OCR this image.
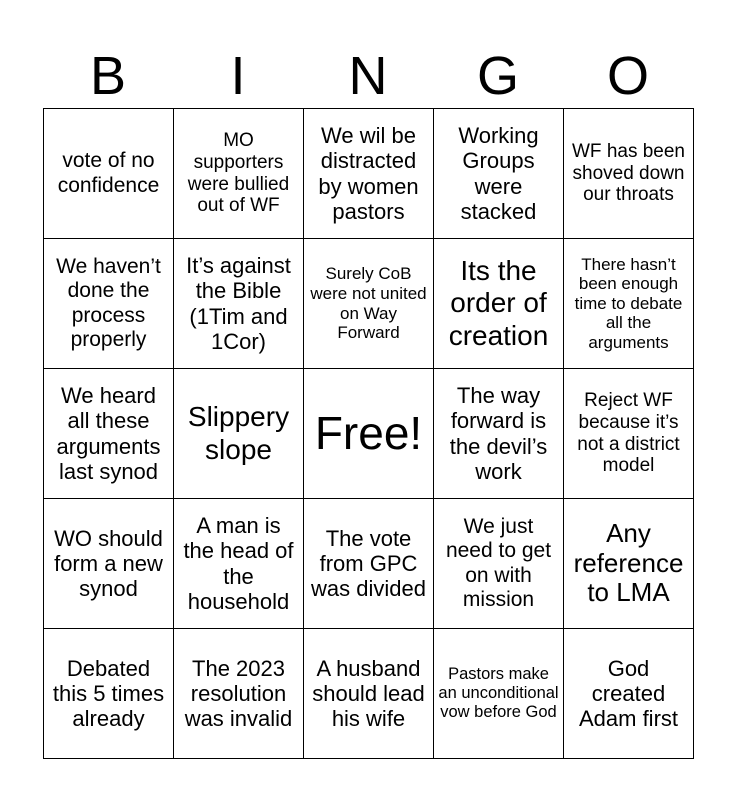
B	I	N	G	O
vote of no confidence	MO supporters were bullied out of WF	We wil be distracted by women pastors	Working Groups were stacked	WF has been shoved down our throats
We haven’t done the process properly	It’s against the Bible (1Tim and 1Cor)	Surely CoB were not united on Way Forward	Its the order of creation	There hasn’t been enough time to debate all the arguments
We heard all these arguments last synod	Slippery slope	Free!	The way forward is the devil’s work	Reject WF because it’s not a district model
WO should form a new synod	A man is the head of the household	The vote from GPC was divided	We just need to get on with mission	Any reference to LMA
Debated this 5 times already	The 2023 resolution was invalid	A husband should lead his wife	Pastors make an unconditional vow before God	God created Adam first
